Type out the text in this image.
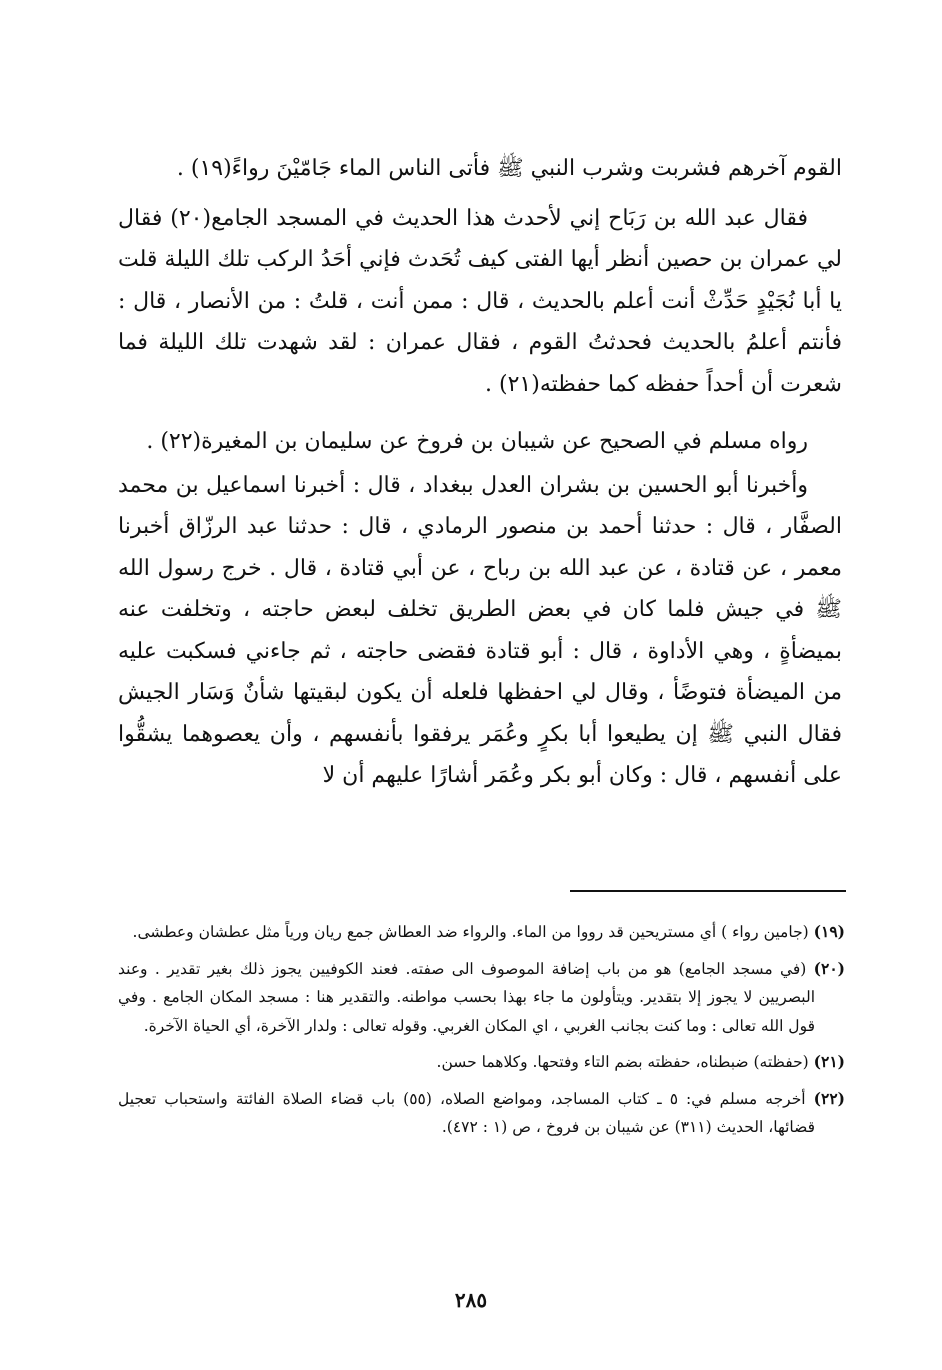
القوم آخرهم فشربت وشرب النبي ﷺ فأتى الناس الماء جَامّيْنَ رواءً(١٩) .

فقال عبد الله بن رَبَاح إني لأحدث هذا الحديث في المسجد الجامع(٢٠) فقال لي عمران بن حصين أنظر أيها الفتى كيف تُحَدث فإني أحَدُ الركب تلك الليلة قلت يا أبا نُجَيْدٍ حَدِّثْ أنت أعلم بالحديث ، قال : ممن أنت ، قلتُ : من الأنصار ، قال : فأنتم أعلمُ بالحديث فحدثتُ القوم ، فقال عمران : لقد شهدت تلك الليلة فما شعرت أن أحداً حفظه كما حفظته(٢١) .

رواه مسلم في الصحيح عن شيبان بن فروخ عن سليمان بن المغيرة(٢٢) .

وأخبرنا أبو الحسين بن بشران العدل ببغداد ، قال : أخبرنا اسماعيل بن محمد الصفَّار ، قال : حدثنا أحمد بن منصور الرمادي ، قال : حدثنا عبد الرزّاق أخبرنا معمر ، عن قتادة ، عن عبد الله بن رباح ، عن أبي قتادة ، قال . خرج رسول الله ﷺ في جيش فلما كان في بعض الطريق تخلف لبعض حاجته ، وتخلفت عنه بميضأةٍ ، وهي الأداوة ، قال : أبو قتادة فقضى حاجته ، ثم جاءني فسكبت عليه من الميضأة فتوضًأ ، وقال لي احفظها فلعله أن يكون لبقيتها شأنٌ وَسَار الجيش فقال النبي ﷺ إن يطيعوا أبا بكرٍ وعُمَر يرفقوا بأنفسهم ، وأن يعصوهما يشقُّوا على أنفسهم ، قال : وكان أبو بكر وعُمَر أشارًا عليهم أن لا

(١٩) (جامين رواء ) أي مستريحين قد رووا من الماء. والرواء ضد العطاش جمع ريان ورياً مثل عطشان وعطشى.

(٢٠) (في مسجد الجامع) هو من باب إضافة الموصوف الى صفته. فعند الكوفيين يجوز ذلك بغير تقدير . وعند البصريين لا يجوز إلا بتقدير. ويتأولون ما جاء بهذا بحسب مواطنه. والتقدير هنا : مسجد المكان الجامع . وفي قول الله تعالى : وما كنت بجانب الغربي ، اي المكان الغربي. وقوله تعالى : ولدار الآخرة، أي الحياة الآخرة.

(٢١) (حفظته) ضبطناه، حفظته بضم التاء وفتحها. وكلاهما حسن.

(٢٢) أخرجه مسلم في: ٥ ـ كتاب المساجد، ومواضع الصلاه، (٥٥) باب قضاء الصلاة الفائتة واستحباب تعجيل قضائها، الحديث (٣١١) عن شيبان بن فروخ ، ص (١ : ٤٧٢).

٢٨٥
